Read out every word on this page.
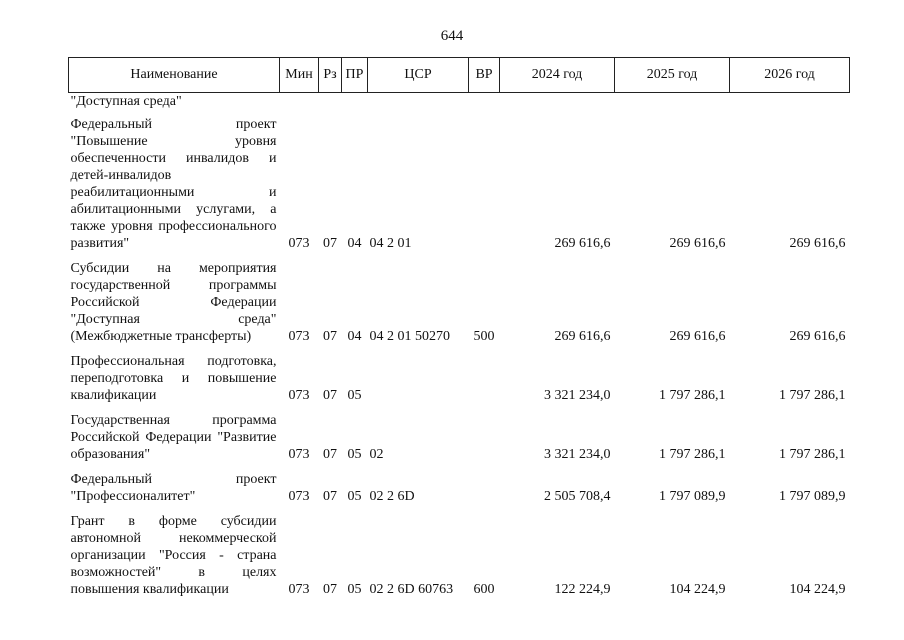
644
Наименование	Мин	Рз	ПР	ЦСР	ВР	2024 год	2025 год	2026 год
"Доступная среда"								
Федеральный проект "Повышение уровня обеспеченности инвалидов и детей-инвалидов реабилитационными и абилитационными услугами, а также уровня профессионального развития"	073	07	04	04 2 01		269 616,6	269 616,6	269 616,6
Субсидии на мероприятия государственной программы Российской Федерации "Доступная среда" (Межбюджетные трансферты)	073	07	04	04 2 01 50270	500	269 616,6	269 616,6	269 616,6
Профессиональная подготовка, переподготовка и повышение квалификации	073	07	05			3 321 234,0	1 797 286,1	1 797 286,1
Государственная программа Российской Федерации "Развитие образования"	073	07	05	02		3 321 234,0	1 797 286,1	1 797 286,1
Федеральный проект "Профессионалитет"	073	07	05	02 2 6D		2 505 708,4	1 797 089,9	1 797 089,9
Грант в форме субсидии автономной некоммерческой организации "Россия - страна возможностей" в целях повышения квалификации	073	07	05	02 2 6D 60763	600	122 224,9	104 224,9	104 224,9
